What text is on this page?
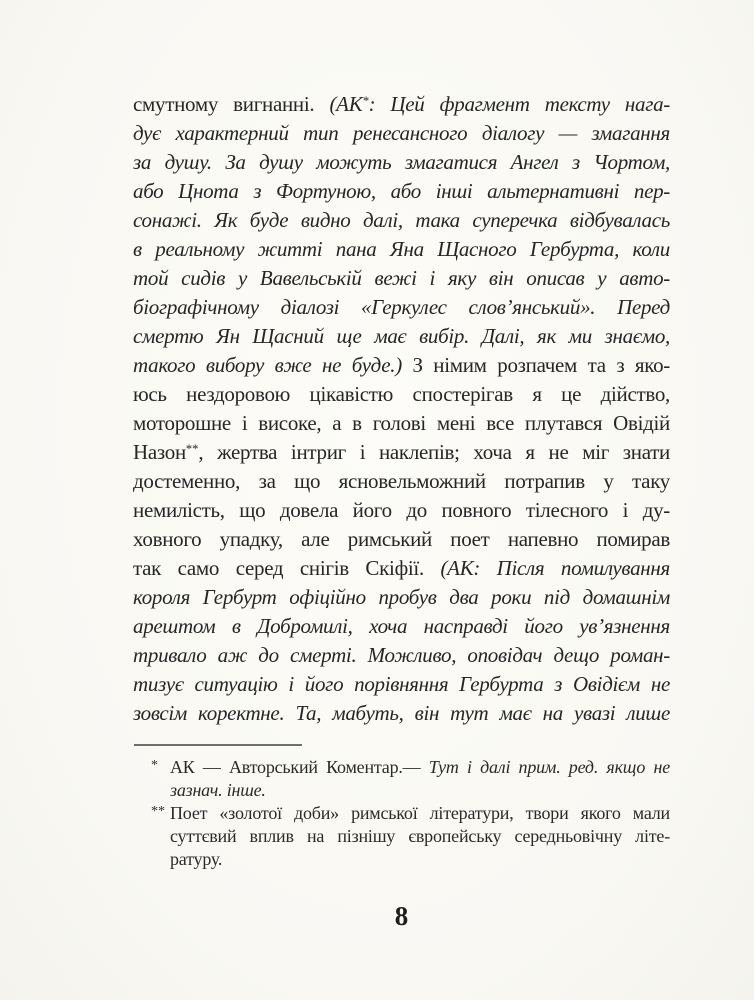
смутному вигнанні. (АК*: Цей фрагмент тексту нага-
дує характерний тип ренесансного діалогу — змагання
за душу. За душу можуть змагатися Ангел з Чортом,
або Цнота з Фортуною, або інші альтернативні пер-
сонажі. Як буде видно далі, така суперечка відбувалась
в реальному житті пана Яна Щасного Гербурта, коли
той сидів у Вавельській вежі і яку він описав у авто-
біографічному діалозі «Геркулес слов’янський». Перед
смертю Ян Щасний ще має вибір. Далі, як ми знаємо,
такого вибору вже не буде.) З німим розпачем та з яко-
юсь нездоровою цікавістю спостерігав я це дійство,
моторошне і високе, а в голові мені все плутався Овідій
Назон**, жертва інтриг і наклепів; хоча я не міг знати
достеменно, за що ясновельможний потрапив у таку
немилість, що довела його до повного тілесного і ду-
ховного упадку, але римський поет напевно помирав
так само серед снігів Скіфії. (АК: Після помилування
короля Гербурт офіційно пробув два роки під домашнім
арештом в Добромилі, хоча насправді його ув’язнення
тривало аж до смерті. Можливо, оповідач дещо роман-
тизує ситуацію і його порівняння Гербурта з Овідієм не
зовсім коректне. Та, мабуть, він тут має на увазі лише
* АК — Авторський Коментар.— Тут і далі прим. ред. якщо не
зазнач. інше.
** Поет «золотої доби» римської літератури, твори якого мали
суттєвий вплив на пізнішу європейську середньовічну літе-
ратуру.
8
